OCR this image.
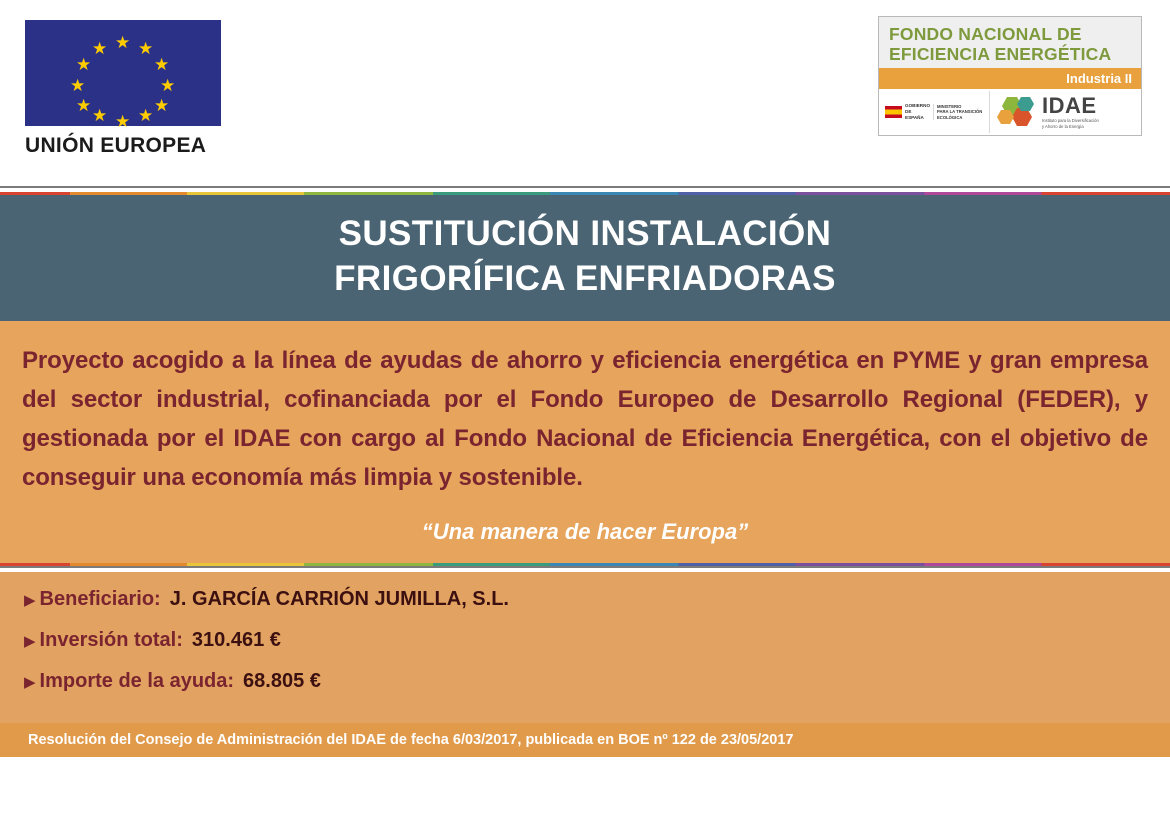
★ ★
★
★
★
★
★
★
★
★
★
★
UNIÓN EUROPEA
FONDO NACIONAL DE
EFICIENCIA ENERGÉTICA
Industria II
GOBIERNO
DE ESPAÑA
MINISTERIO
PARA LA TRANSICIÓN ECOLÓGICA	IDAE
Instituto para la Diversificación
y Ahorro de la Energía
SUSTITUCIÓN INSTALACIÓN
FRIGORÍFICA ENFRIADORAS
Proyecto acogido a la línea de ayudas de ahorro y eficiencia energética en PYME y gran empresa del sector industrial, cofinanciada por el Fondo Europeo de Desarrollo Regional (FEDER), y gestionada por el IDAE con cargo al Fondo Nacional de Eficiencia Energética, con el objetivo de conseguir una economía más limpia y sostenible.
“Una manera de hacer Europa”
▶ Beneficiario: J. GARCÍA CARRIÓN JUMILLA, S.L.
▶ Inversión total: 310.461 €
▶ Importe de la ayuda: 68.805 €
Resolución del Consejo de Administración del IDAE de fecha 6/03/2017, publicada en BOE nº 122 de 23/05/2017
